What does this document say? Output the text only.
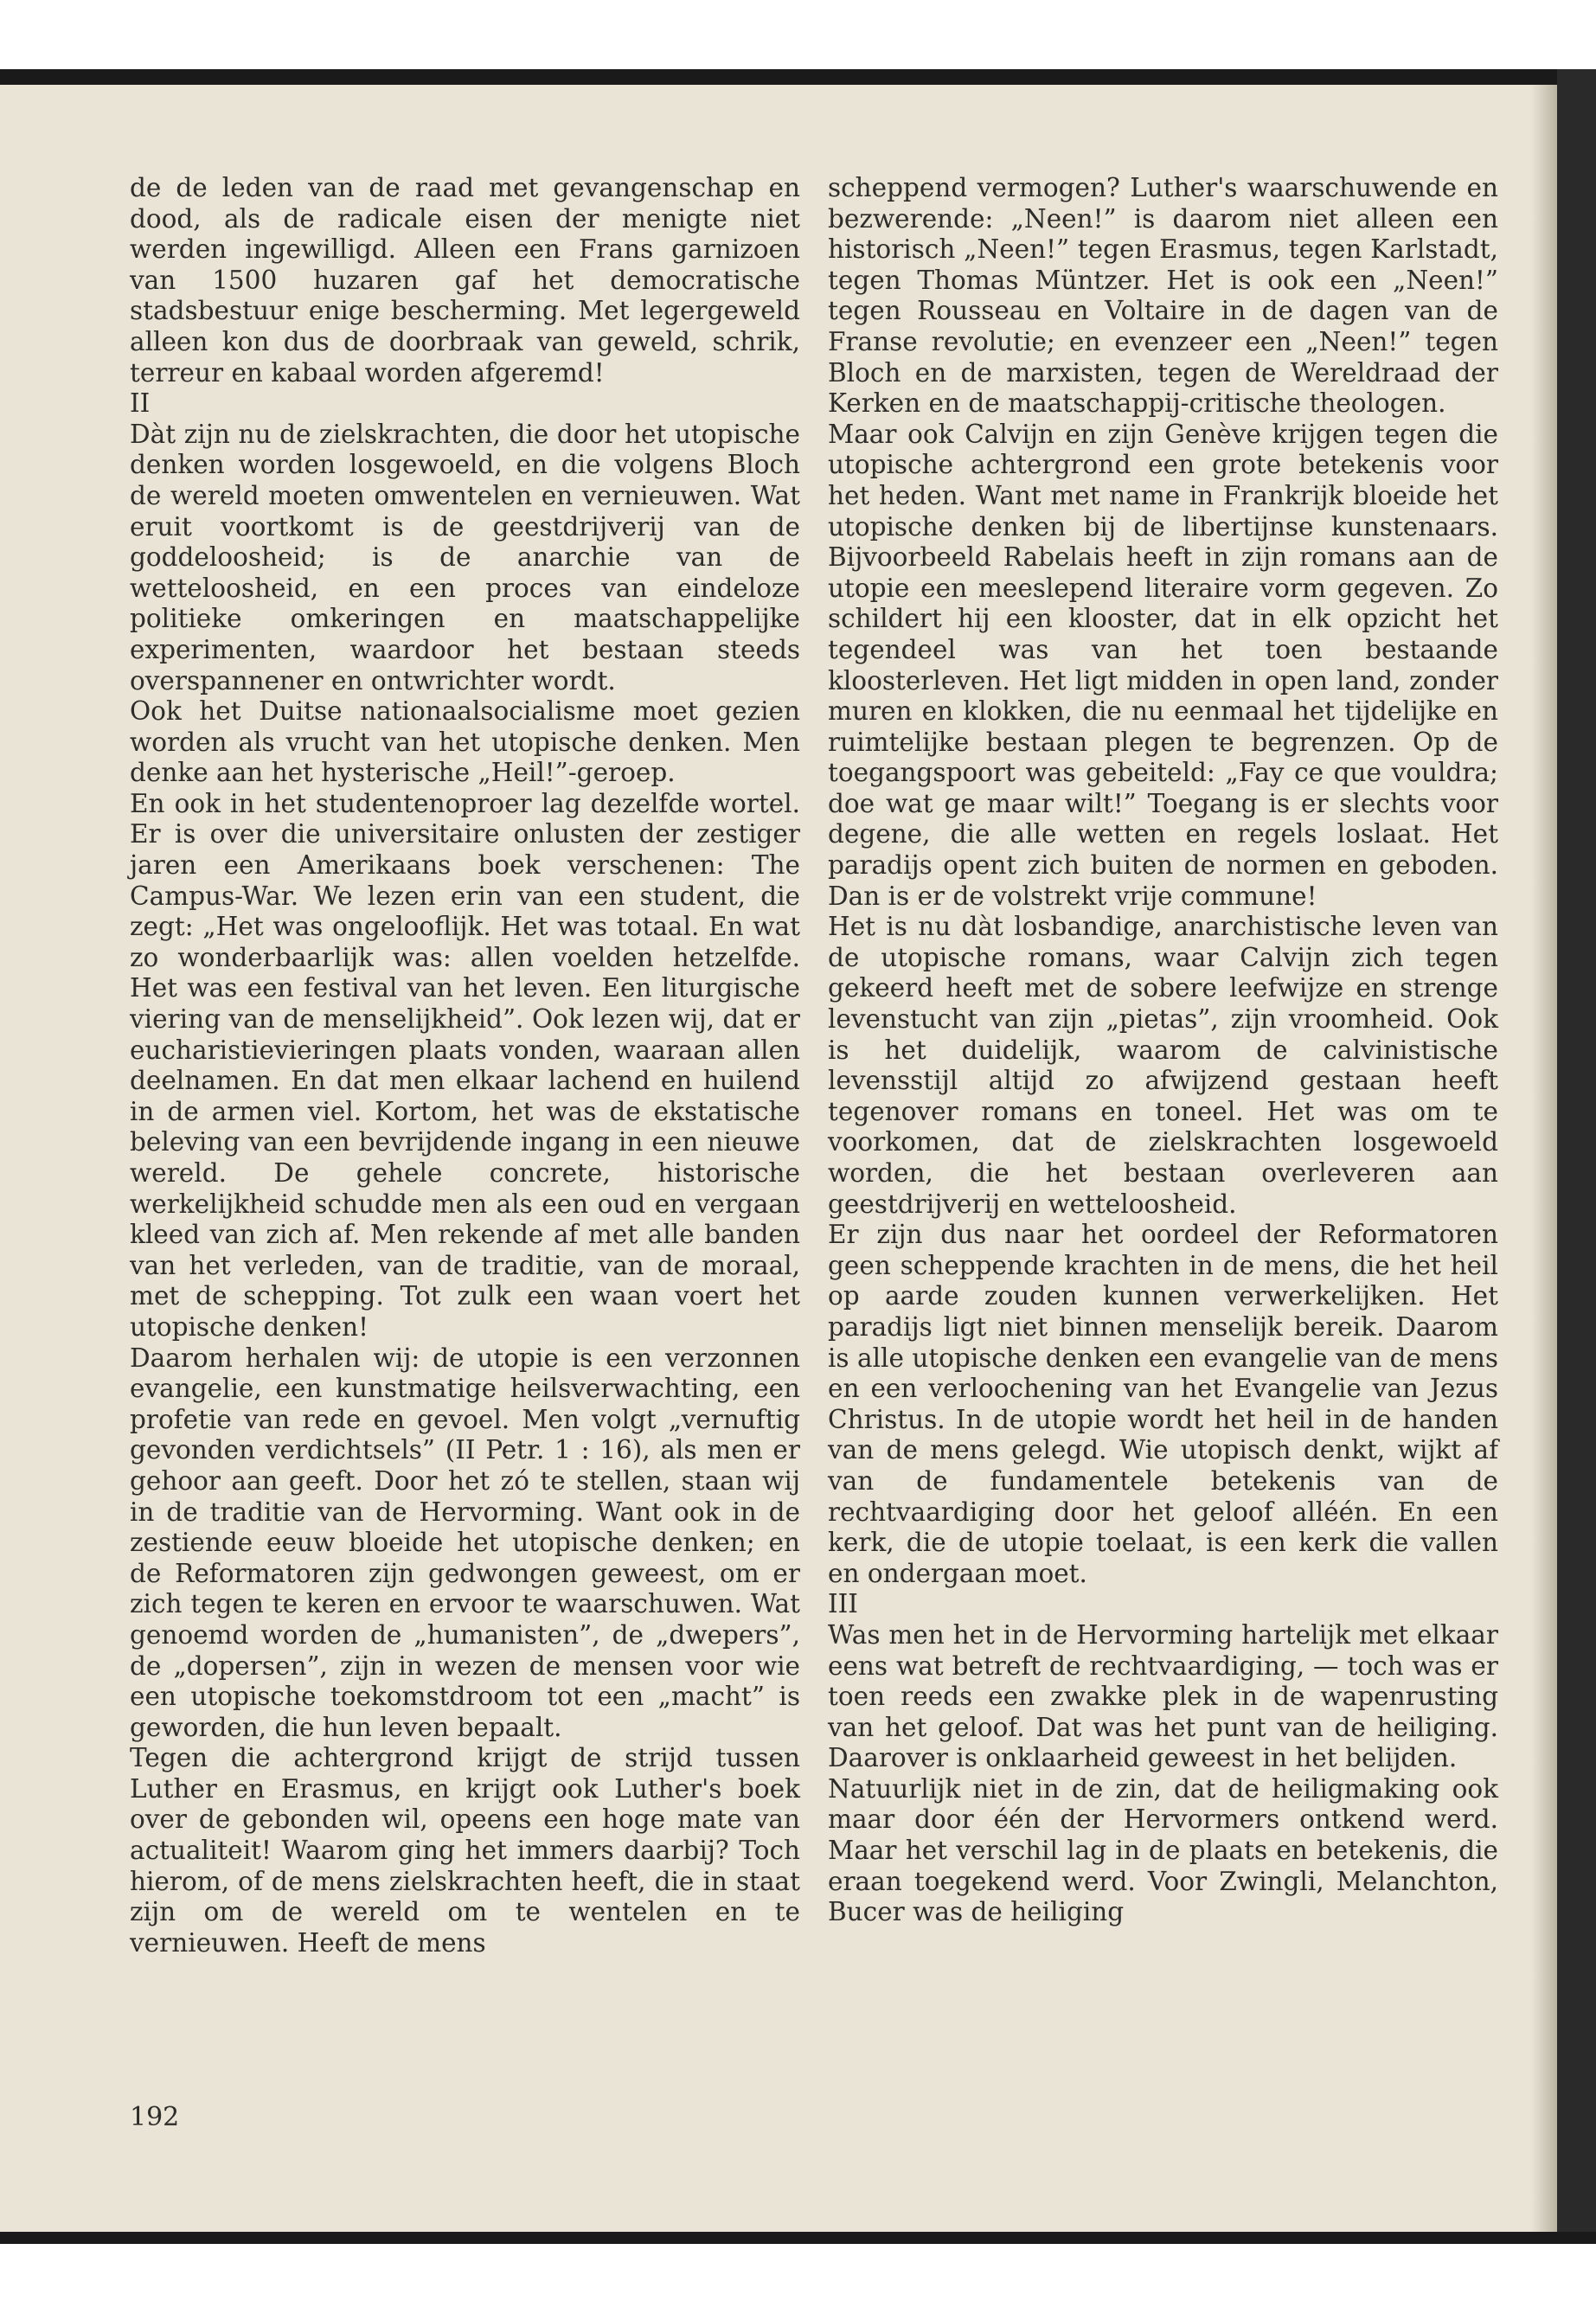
de de leden van de raad met gevangenschap en dood, als de radicale eisen der menigte niet werden ingewilligd. Alleen een Frans garnizoen van 1500 huzaren gaf het democratische stadsbestuur enige bescherming. Met legergeweld alleen kon dus de doorbraak van geweld, schrik, terreur en kabaal worden afgeremd!

II

Dàt zijn nu de zielskrachten, die door het utopische denken worden losgewoeld, en die volgens Bloch de wereld moeten omwentelen en vernieuwen. Wat eruit voortkomt is de geestdrijverij van de goddeloosheid; is de anarchie van de wetteloosheid, en een proces van eindeloze politieke omkeringen en maatschappelijke experimenten, waardoor het bestaan steeds overspannener en ontwrichter wordt.

Ook het Duitse nationaalsocialisme moet gezien worden als vrucht van het utopische denken. Men denke aan het hysterische „Heil!”-geroep.

En ook in het studentenoproer lag dezelfde wortel. Er is over die universitaire onlusten der zestiger jaren een Amerikaans boek verschenen: The Campus-War. We lezen erin van een student, die zegt: „Het was ongelooflijk. Het was totaal. En wat zo wonderbaarlijk was: allen voelden hetzelfde. Het was een festival van het leven. Een liturgische viering van de menselijkheid”. Ook lezen wij, dat er eucharistievieringen plaats vonden, waaraan allen deelnamen. En dat men elkaar lachend en huilend in de armen viel. Kortom, het was de ekstatische beleving van een bevrijdende ingang in een nieuwe wereld. De gehele concrete, historische werkelijkheid schudde men als een oud en vergaan kleed van zich af. Men rekende af met alle banden van het verleden, van de traditie, van de moraal, met de schepping. Tot zulk een waan voert het utopische denken!

Daarom herhalen wij: de utopie is een verzonnen evangelie, een kunstmatige heilsverwachting, een profetie van rede en gevoel. Men volgt „vernuftig gevonden verdichtsels” (II Petr. 1 : 16), als men er gehoor aan geeft. Door het zó te stellen, staan wij in de traditie van de Hervorming. Want ook in de zestiende eeuw bloeide het utopische denken; en de Reformatoren zijn gedwongen geweest, om er zich tegen te keren en ervoor te waarschuwen. Wat genoemd worden de „humanisten”, de „dwepers”, de „dopersen”, zijn in wezen de mensen voor wie een utopische toekomstdroom tot een „macht” is geworden, die hun leven bepaalt.

Tegen die achtergrond krijgt de strijd tussen Luther en Erasmus, en krijgt ook Luther's boek over de gebonden wil, opeens een hoge mate van actualiteit! Waarom ging het immers daarbij? Toch hierom, of de mens zielskrachten heeft, die in staat zijn om de wereld om te wentelen en te vernieuwen. Heeft de mens

scheppend vermogen? Luther's waarschuwende en bezwerende: „Neen!” is daarom niet alleen een historisch „Neen!” tegen Erasmus, tegen Karlstadt, tegen Thomas Müntzer. Het is ook een „Neen!” tegen Rousseau en Voltaire in de dagen van de Franse revolutie; en evenzeer een „Neen!” tegen Bloch en de marxisten, tegen de Wereldraad der Kerken en de maatschappij-critische theologen.

Maar ook Calvijn en zijn Genève krijgen tegen die utopische achtergrond een grote betekenis voor het heden. Want met name in Frankrijk bloeide het utopische denken bij de libertijnse kunstenaars. Bijvoorbeeld Rabelais heeft in zijn romans aan de utopie een meeslepend literaire vorm gegeven. Zo schildert hij een klooster, dat in elk opzicht het tegendeel was van het toen bestaande kloosterleven. Het ligt midden in open land, zonder muren en klokken, die nu eenmaal het tijdelijke en ruimtelijke bestaan plegen te begrenzen. Op de toegangspoort was gebeiteld: „Fay ce que vouldra; doe wat ge maar wilt!” Toegang is er slechts voor degene, die alle wetten en regels loslaat. Het paradijs opent zich buiten de normen en geboden. Dan is er de volstrekt vrije commune!

Het is nu dàt losbandige, anarchistische leven van de utopische romans, waar Calvijn zich tegen gekeerd heeft met de sobere leefwijze en strenge levenstucht van zijn „pietas”, zijn vroomheid. Ook is het duidelijk, waarom de calvinistische levensstijl altijd zo afwijzend gestaan heeft tegenover romans en toneel. Het was om te voorkomen, dat de zielskrachten losgewoeld worden, die het bestaan overleveren aan geestdrijverij en wetteloosheid.

Er zijn dus naar het oordeel der Reformatoren geen scheppende krachten in de mens, die het heil op aarde zouden kunnen verwerkelijken. Het paradijs ligt niet binnen menselijk bereik. Daarom is alle utopische denken een evangelie van de mens en een verloochening van het Evangelie van Jezus Christus. In de utopie wordt het heil in de handen van de mens gelegd. Wie utopisch denkt, wijkt af van de fundamentele betekenis van de rechtvaardiging door het geloof alléén. En een kerk, die de utopie toelaat, is een kerk die vallen en ondergaan moet.

III

Was men het in de Hervorming hartelijk met elkaar eens wat betreft de rechtvaardiging, — toch was er toen reeds een zwakke plek in de wapenrusting van het geloof. Dat was het punt van de heiliging. Daarover is onklaarheid geweest in het belijden.

Natuurlijk niet in de zin, dat de heiligmaking ook maar door één der Hervormers ontkend werd. Maar het verschil lag in de plaats en betekenis, die eraan toegekend werd. Voor Zwingli, Melanchton, Bucer was de heiliging

192
